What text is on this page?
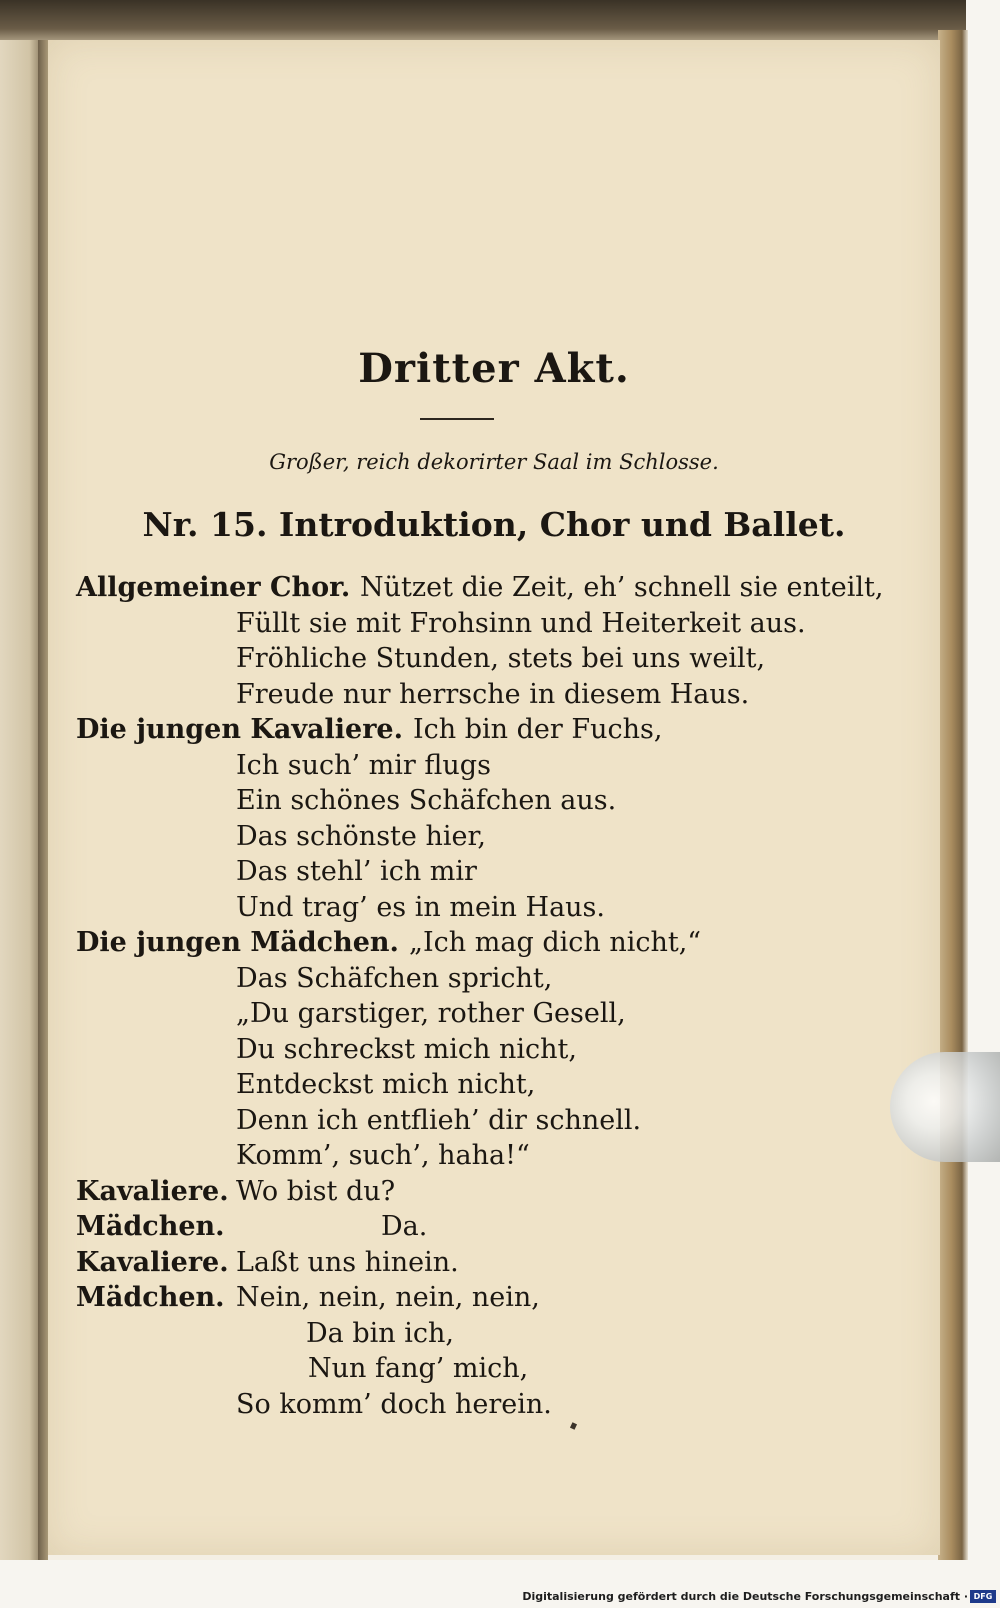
Dritter Akt.
Großer, reich dekorirter Saal im Schlosse.
Nr. 15. Introduktion, Chor und Ballet.
Allgemeiner Chor. Nützet die Zeit, eh’ schnell sie enteilt,
Füllt sie mit Frohsinn und Heiterkeit aus.
Fröhliche Stunden, stets bei uns weilt,
Freude nur herrsche in diesem Haus.
Die jungen Kavaliere. Ich bin der Fuchs,
Ich such’ mir flugs
Ein schönes Schäfchen aus.
Das schönste hier,
Das stehl’ ich mir
Und trag’ es in mein Haus.
Die jungen Mädchen. „Ich mag dich nicht,“
Das Schäfchen spricht,
„Du garstiger, rother Gesell,
Du schreckst mich nicht,
Entdeckst mich nicht,
Denn ich entflieh’ dir schnell.
Komm’, such’, haha!“
Kavaliere. Wo bist du?
Mädchen.	Da.
Kavaliere. Laßt uns hinein.
Mädchen. Nein, nein, nein, nein,
Da bin ich,
Nun fang’ mich,
So komm’ doch herein.
Digitalisierung gefördert durch die Deutsche Forschungsgemeinschaft · DFG
